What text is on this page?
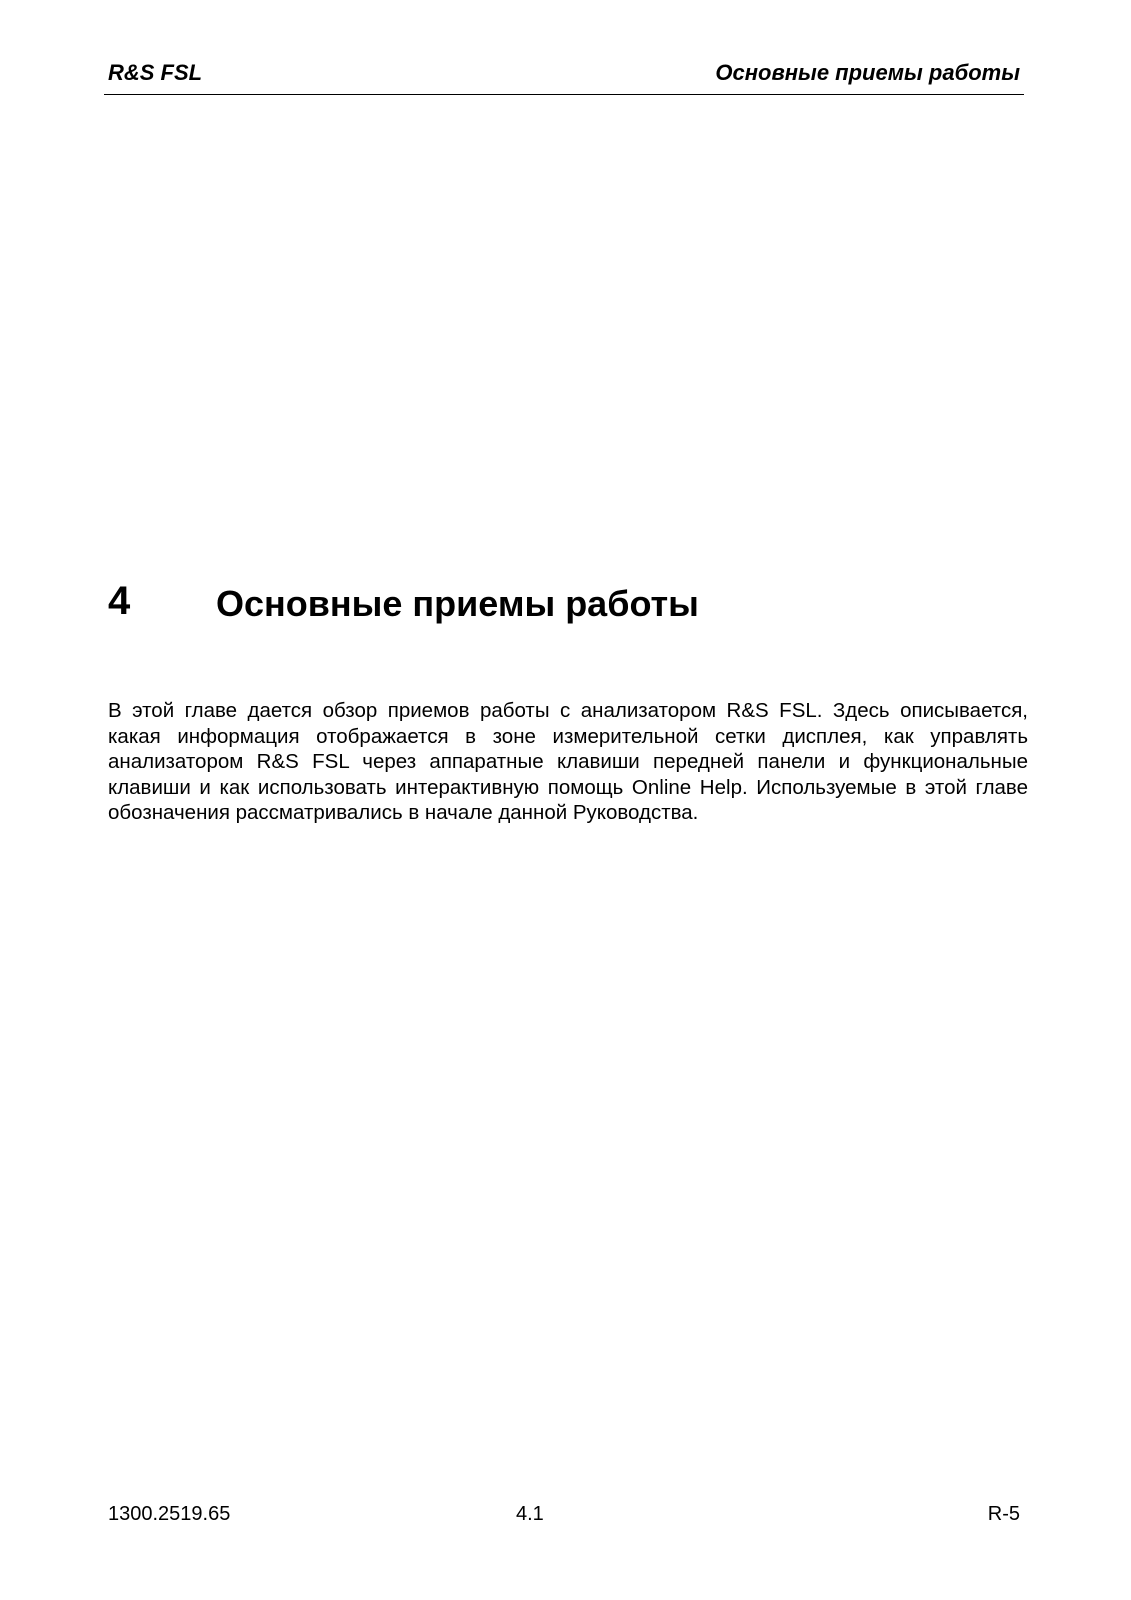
R&S FSL	Основные приемы работы
4 Основные приемы работы

В этой главе дается обзор приемов работы с анализатором R&S FSL. Здесь описывается, какая информация отображается в зоне измерительной сетки дисплея, как управлять анализатором R&S FSL через аппаратные клавиши передней панели и функциональные клавиши и как использовать интерактивную помощь Online Help. Используемые в этой главе обозначения рассматривались в начале данной Руководства.

1300.2519.65	4.1	R-5
